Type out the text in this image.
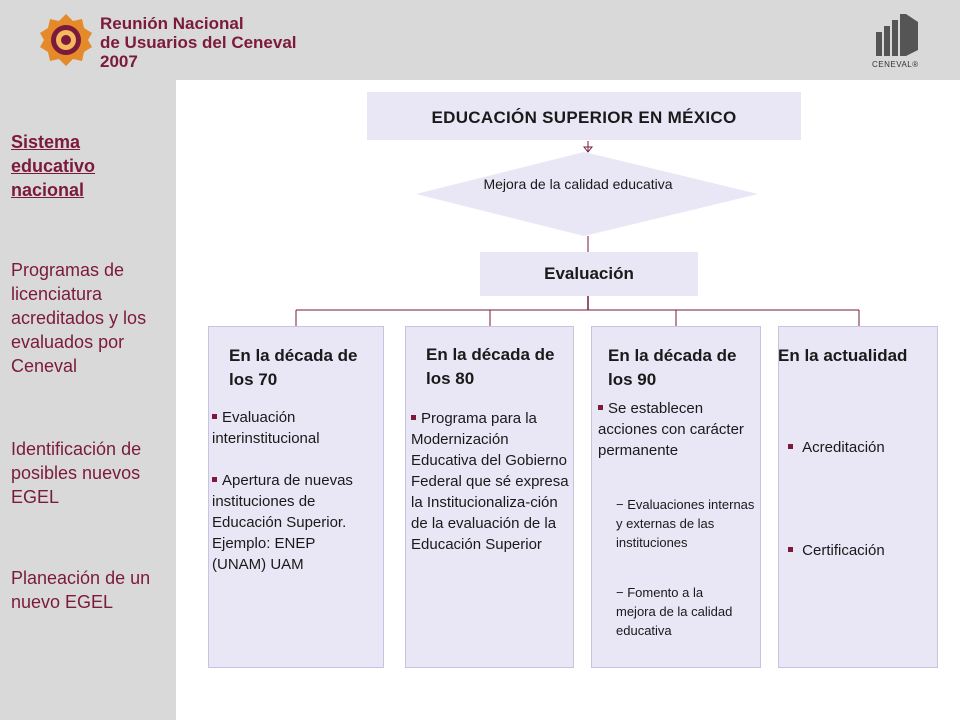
Reunión Nacional
de Usuarios del Ceneval
2007	CENEVAL®
Sistema educativo nacional
Programas de licenciatura acreditados y los evaluados por Ceneval
Identificación de posibles nuevos EGEL
Planeación de un nuevo EGEL
EDUCACIÓN SUPERIOR EN MÉXICO
Mejora de la calidad educativa
Evaluación
En la década de los 70
Evaluación interinstitucional
Apertura de nuevas instituciones de Educación Superior. Ejemplo: ENEP (UNAM) UAM
En la década de los 80
Programa para la Modernización Educativa del Gobierno Federal que sé expresa la Institucionaliza-ción de la evaluación de la Educación Superior
En la década de los 90
Se establecen acciones con carácter permanente
− Evaluaciones internas y externas de las instituciones
− Fomento a la mejora de la calidad educativa
En la actualidad
Acreditación
Certificación
